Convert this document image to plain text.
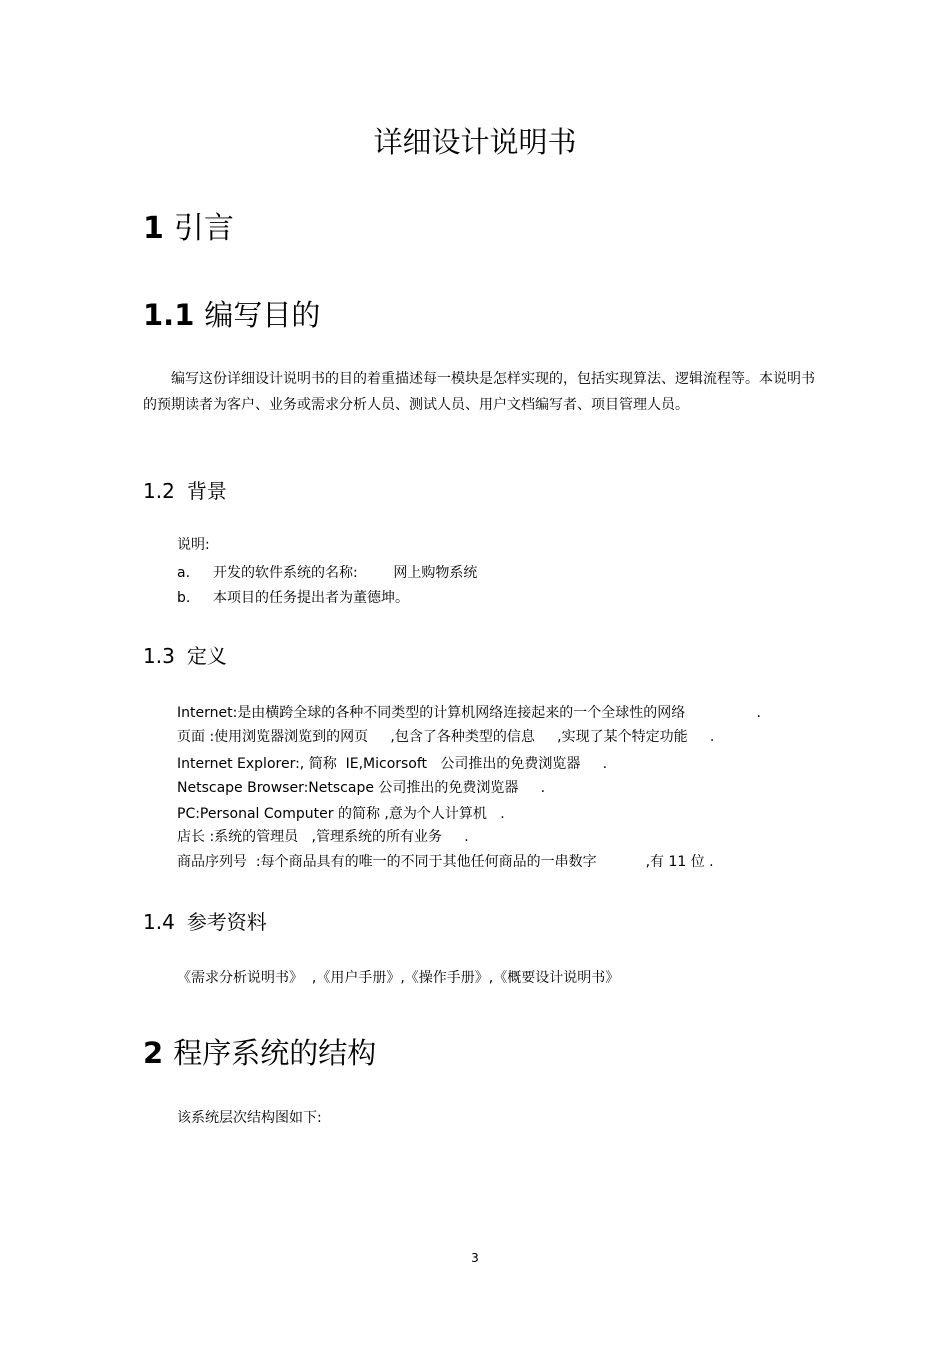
详细设计说明书
1 引言
1.1 编写目的
编写这份详细设计说明书的目的着重描述每一模块是怎样实现的，包括实现算法、逻辑流程等。本说明书的预期读者为客户、业务或需求分析人员、测试人员、用户文档编写者、项目管理人员。
1.2 背景
说明:
a. 开发的软件系统的名称:        网上购物系统
b. 本项目的任务提出者为董德坤。
1.3 定义
Internet:是由横跨全球的各种不同类型的计算机网络连接起来的一个全球性的网络                .
页面 :使用浏览器浏览到的网页     ,包含了各种类型的信息     ,实现了某个特定功能     .
Internet Explorer:, 简称  IE,Micorsoft   公司推出的免费浏览器     .
Netscape Browser:Netscape 公司推出的免费浏览器     .
PC:Personal Computer 的简称 ,意为个人计算机   .
店长 :系统的管理员   ,管理系统的所有业务     .
商品序列号  :每个商品具有的唯一的不同于其他任何商品的一串数字           ,有 11 位 .
1.4 参考资料
《需求分析说明书》  ,《用户手册》,《操作手册》,《概要设计说明书》
2 程序系统的结构
该系统层次结构图如下:
3
